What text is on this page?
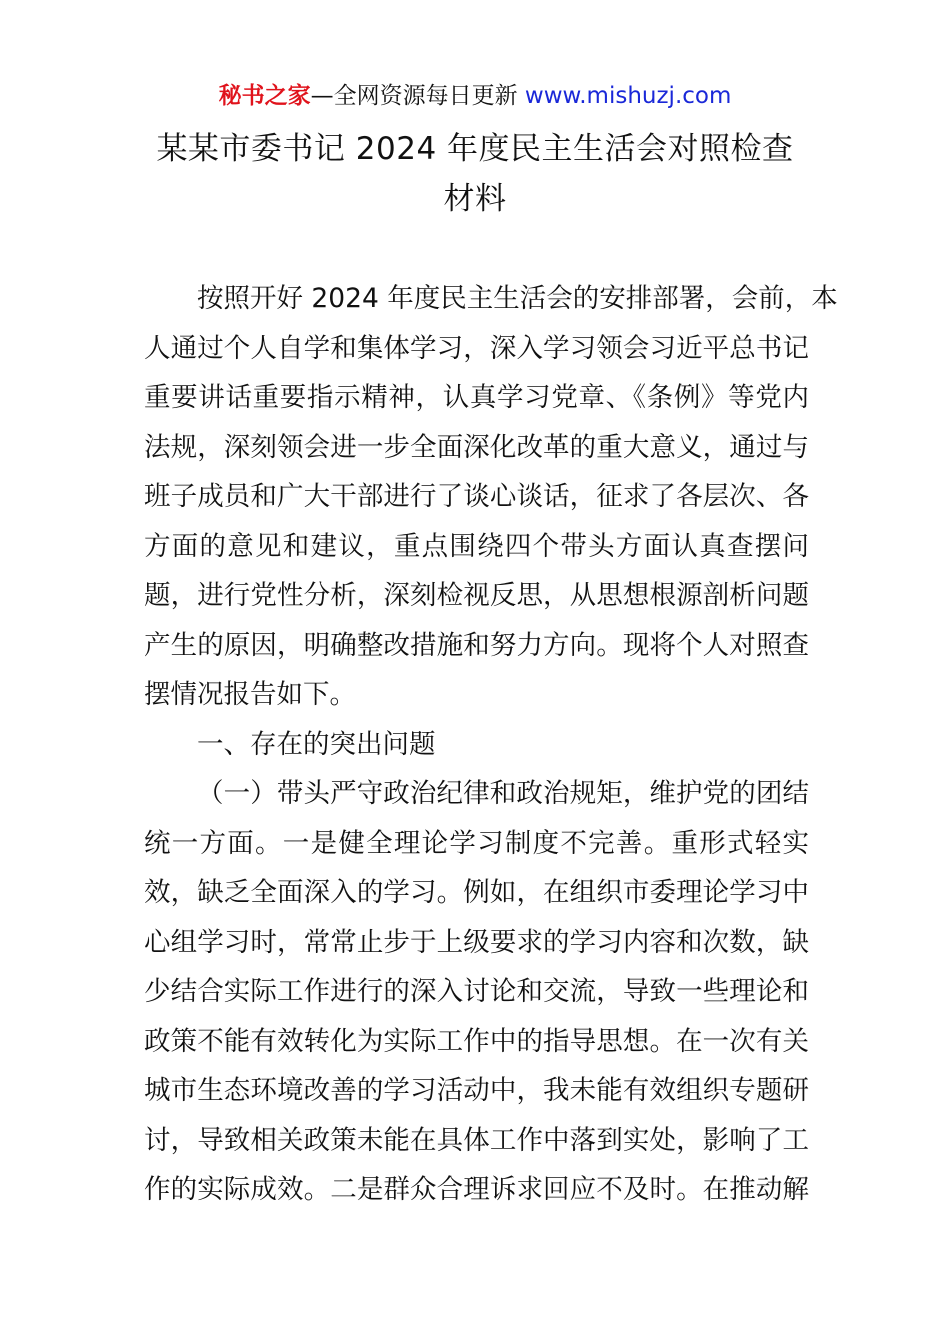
秘书之家—全网资源每日更新 www.mishuzj.com
某某市委书记 2024 年度民主生活会对照检查
材料
按照开好 2024 年度民主生活会的安排部署，会前，本
人通过个人自学和集体学习，深入学习领会习近平总书记
重要讲话重要指示精神，认真学习党章、《条例》等党内
法规，深刻领会进一步全面深化改革的重大意义，通过与
班子成员和广大干部进行了谈心谈话，征求了各层次、各
方面的意见和建议，重点围绕四个带头方面认真查摆问
题，进行党性分析，深刻检视反思，从思想根源剖析问题
产生的原因，明确整改措施和努力方向。现将个人对照查
摆情况报告如下。
一、存在的突出问题
（一）带头严守政治纪律和政治规矩，维护党的团结
统一方面。一是健全理论学习制度不完善。重形式轻实
效，缺乏全面深入的学习。例如，在组织市委理论学习中
心组学习时，常常止步于上级要求的学习内容和次数，缺
少结合实际工作进行的深入讨论和交流，导致一些理论和
政策不能有效转化为实际工作中的指导思想。在一次有关
城市生态环境改善的学习活动中，我未能有效组织专题研
讨，导致相关政策未能在具体工作中落到实处，影响了工
作的实际成效。二是群众合理诉求回应不及时。在推动解
